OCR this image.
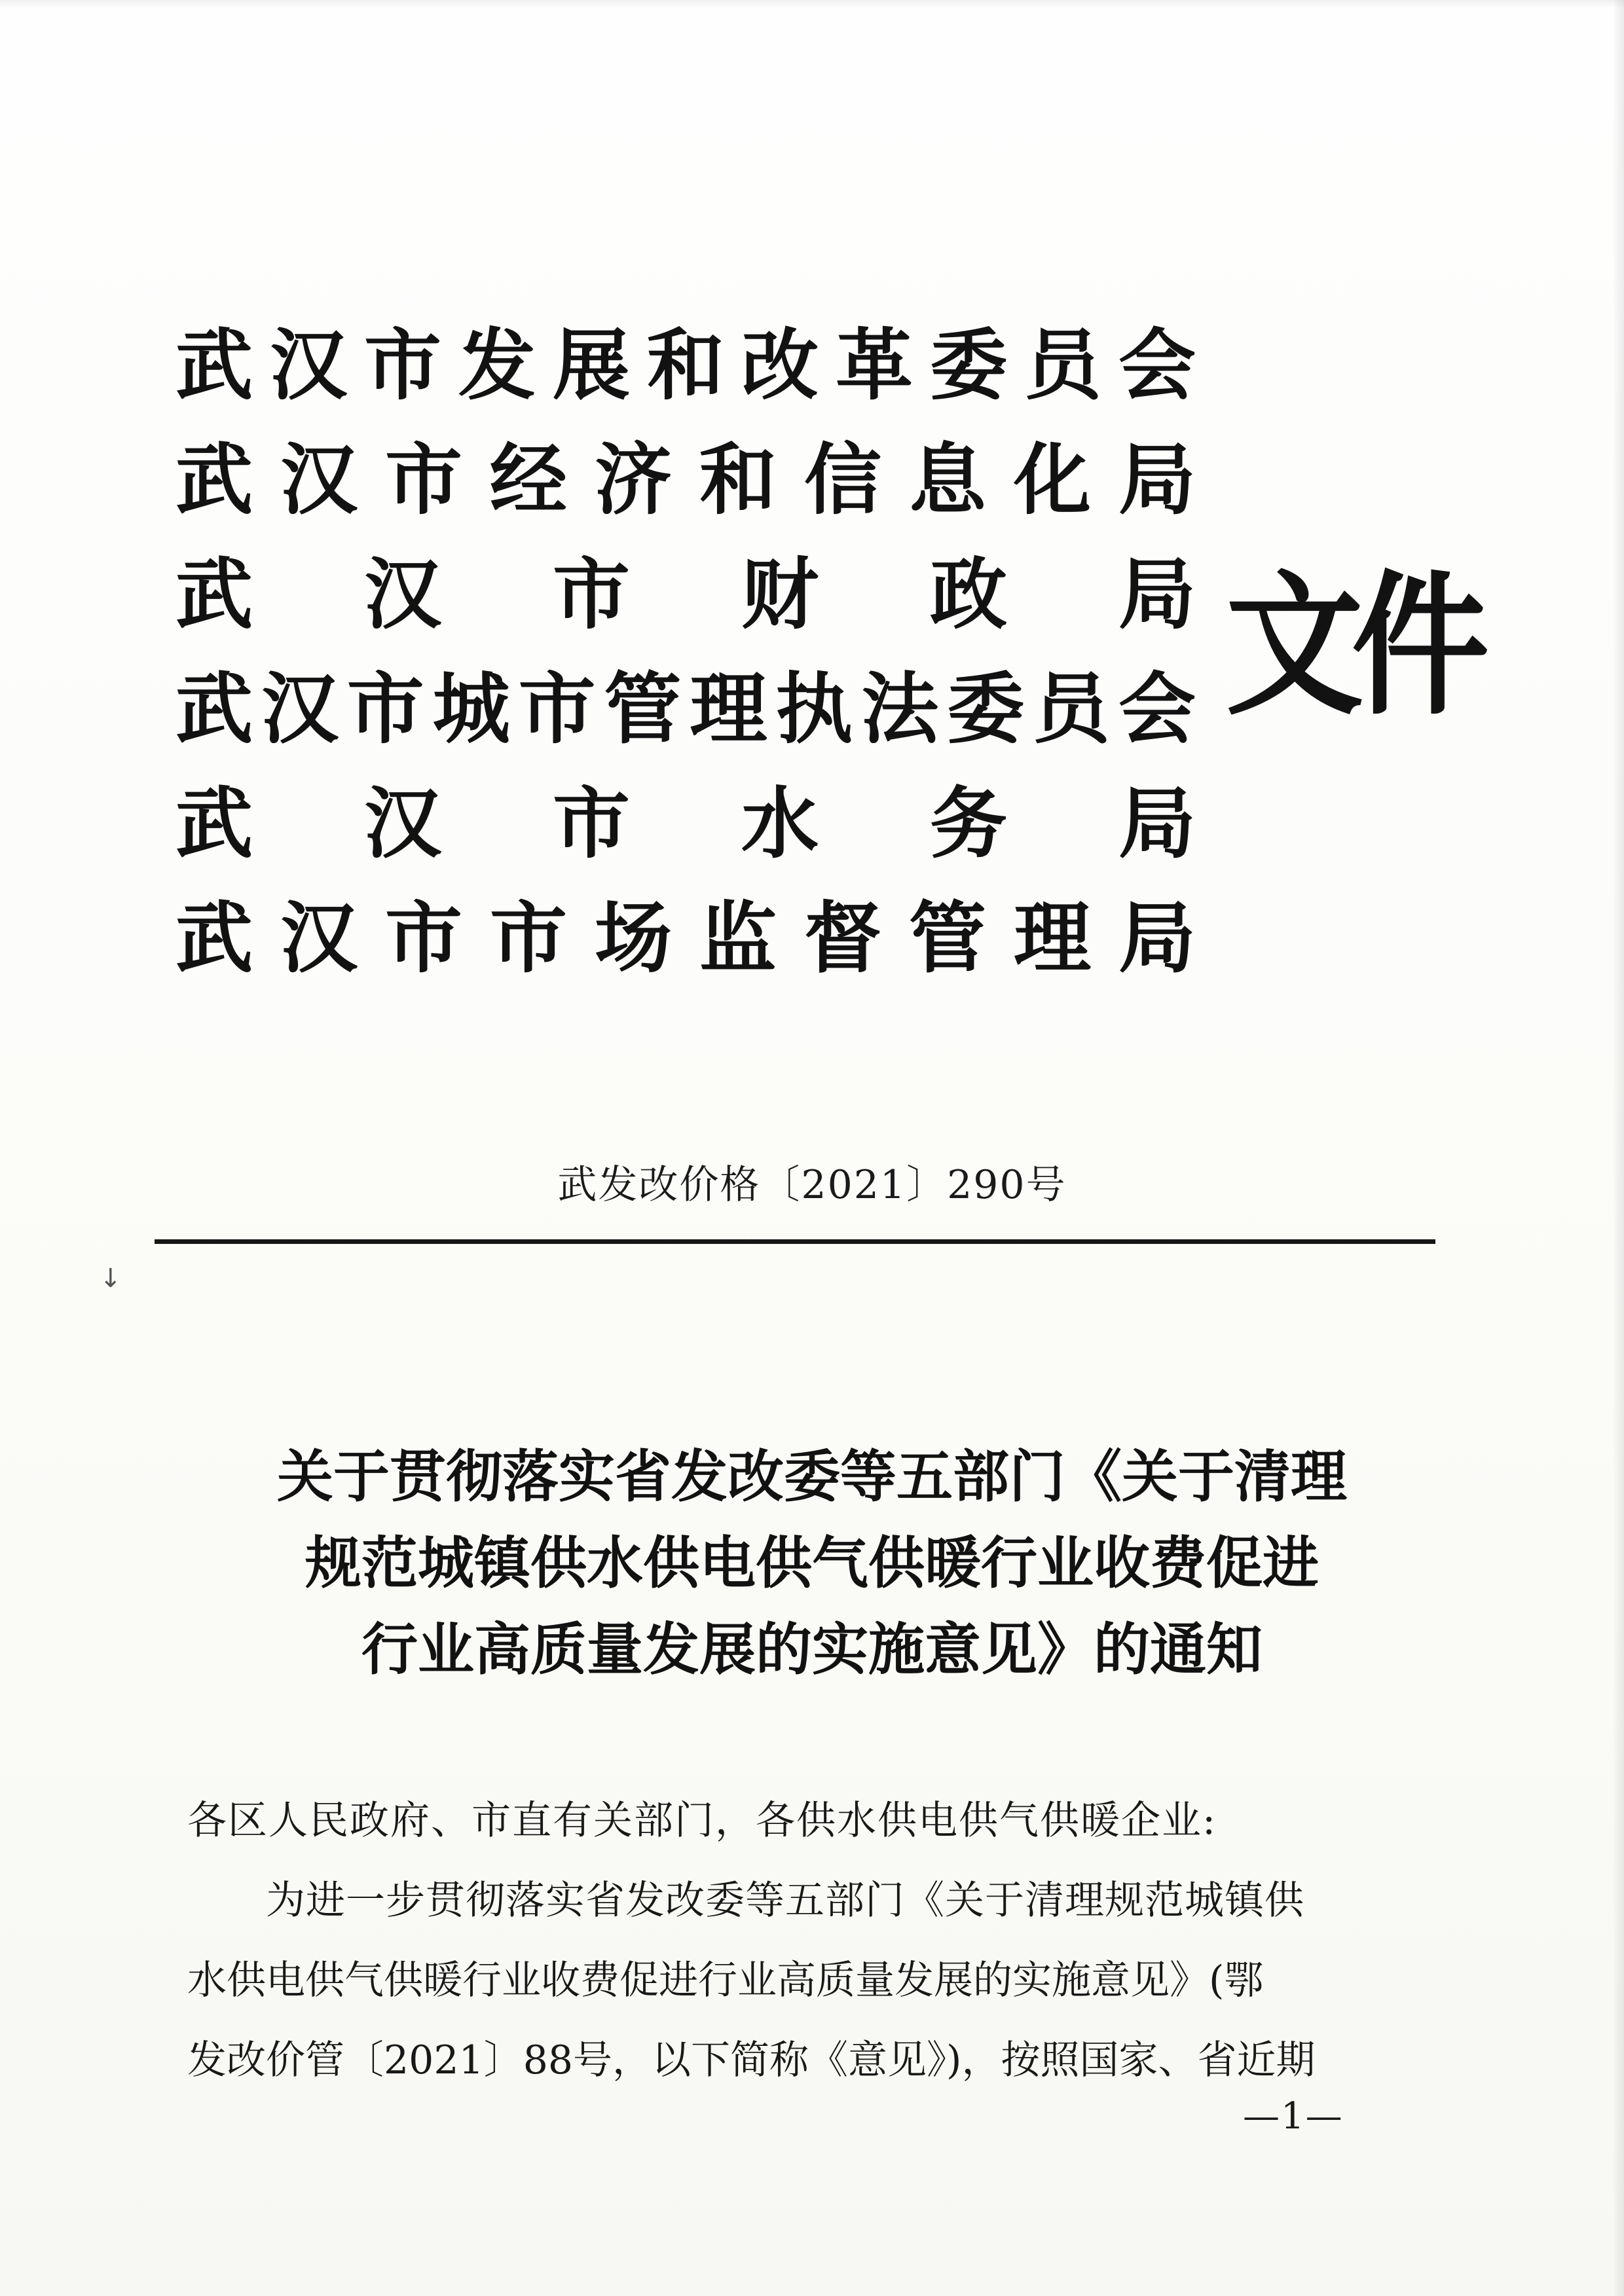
武 汉 市 发 展 和 改 革 委 员 会
武 汉 市 经 济 和 信 息 化 局
武 汉 市 财 政 局
武 汉 市 城 市 管 理 执 法 委 员 会
武 汉 市 水 务 局
武 汉 市 市 场 监 督 管 理 局
文件
武发改价格〔2021〕290号
↓
关于贯彻落实省发改委等五部门《关于清理
规范城镇供水供电供气供暖行业收费促进
行业高质量发展的实施意见》的通知

各区人民政府、市直有关部门，各供水供电供气供暖企业:

为进一步贯彻落实省发改委等五部门《关于清理规范城镇供

水供电供气供暖行业收费促进行业高质量发展的实施意见》(鄂

发改价管〔2021〕88号，以下简称《意见》)，按照国家、省近期

—1—
